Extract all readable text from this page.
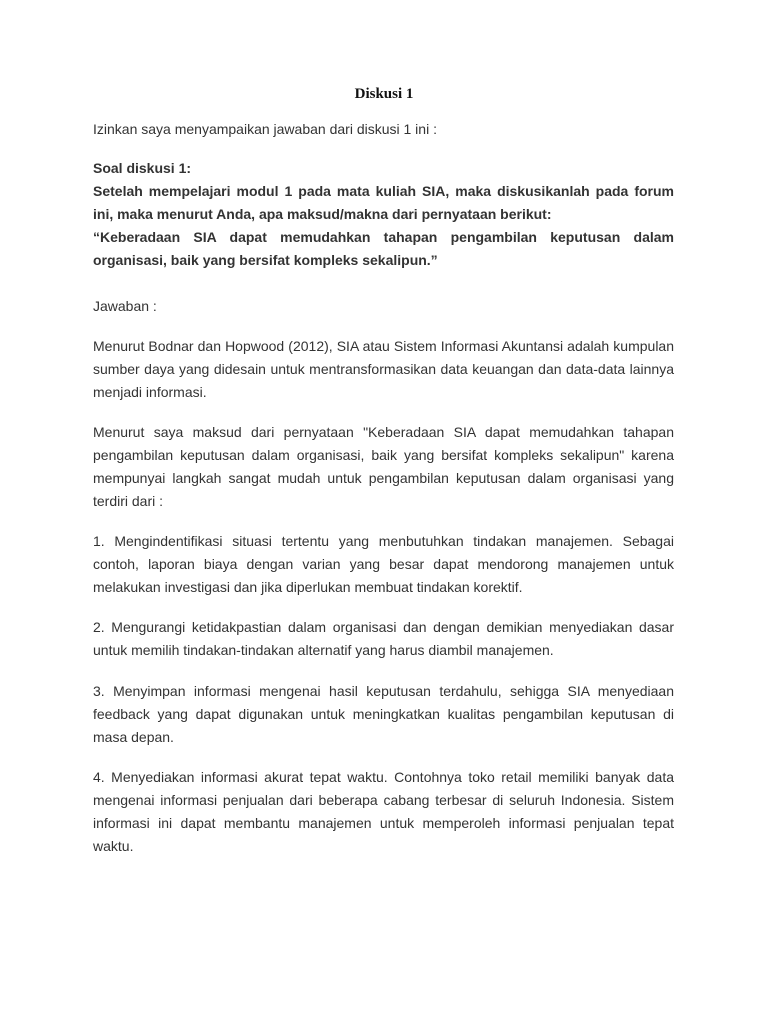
Diskusi 1

Izinkan saya menyampaikan jawaban dari diskusi 1 ini :

Soal diskusi 1:
Setelah mempelajari modul 1 pada mata kuliah SIA, maka diskusikanlah pada forum ini, maka menurut Anda, apa maksud/makna dari pernyataan berikut:
“Keberadaan SIA dapat memudahkan tahapan pengambilan keputusan dalam organisasi, baik yang bersifat kompleks sekalipun.”

Jawaban :

Menurut Bodnar dan Hopwood (2012), SIA atau Sistem Informasi Akuntansi adalah kumpulan sumber daya yang didesain untuk mentransformasikan data keuangan dan data-data lainnya menjadi informasi.

Menurut saya maksud dari pernyataan "Keberadaan SIA dapat memudahkan tahapan pengambilan keputusan dalam organisasi, baik yang bersifat kompleks sekalipun" karena mempunyai langkah sangat mudah untuk pengambilan keputusan dalam organisasi yang terdiri dari :

1. Mengindentifikasi situasi tertentu yang menbutuhkan tindakan manajemen. Sebagai contoh, laporan biaya dengan varian yang besar dapat mendorong manajemen untuk melakukan investigasi dan jika diperlukan membuat tindakan korektif.

2. Mengurangi ketidakpastian dalam organisasi dan dengan demikian menyediakan dasar untuk memilih tindakan-tindakan alternatif yang harus diambil manajemen.

3. Menyimpan informasi mengenai hasil keputusan terdahulu, sehigga SIA menyediaan feedback yang dapat digunakan untuk meningkatkan kualitas pengambilan keputusan di masa depan.

4. Menyediakan informasi akurat tepat waktu. Contohnya toko retail memiliki banyak data mengenai informasi penjualan dari beberapa cabang terbesar di seluruh Indonesia. Sistem informasi ini dapat membantu manajemen untuk memperoleh informasi penjualan tepat waktu.
